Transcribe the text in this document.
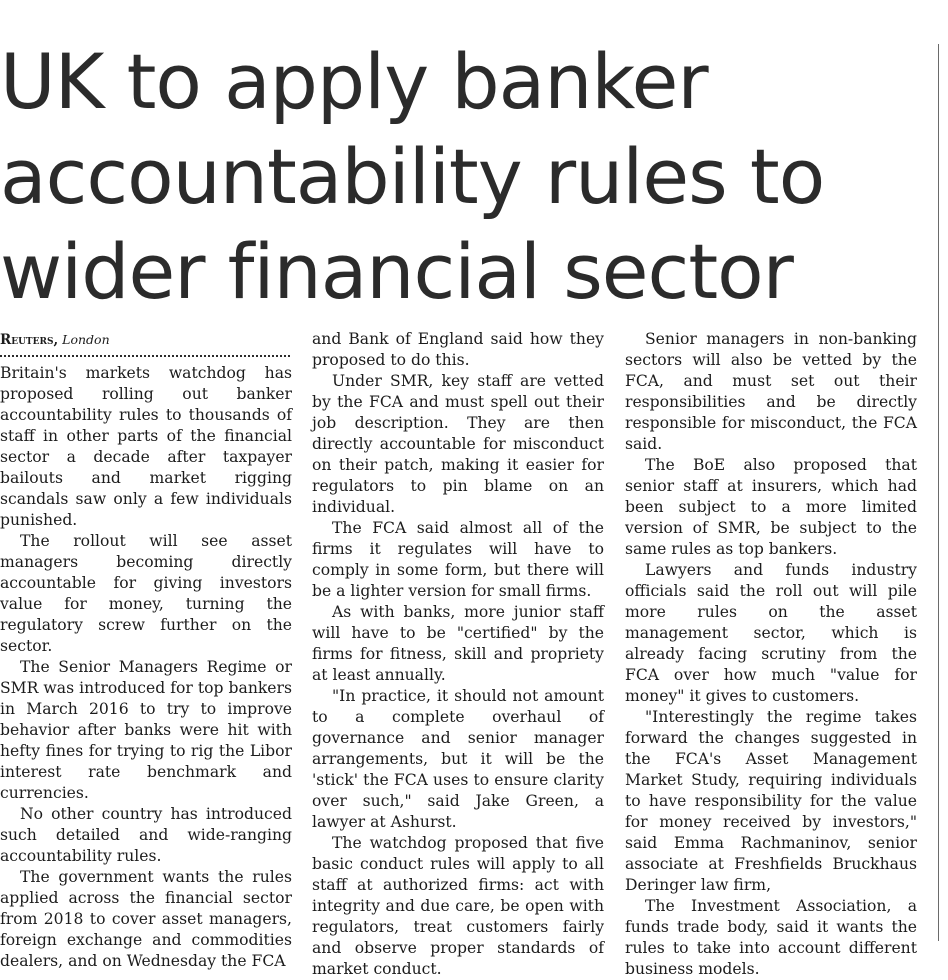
UK to apply banker
accountability rules to
wider financial sector
Reuters, London

Britain's markets watchdog has proposed rolling out banker accountability rules to thousands of staff in other parts of the financial sector a decade after taxpayer bailouts and market rigging scandals saw only a few individuals punished.

The rollout will see asset managers becoming directly accountable for giving investors value for money, turning the regulatory screw further on the sector.

The Senior Managers Regime or SMR was introduced for top bankers in March 2016 to try to improve behavior after banks were hit with hefty fines for trying to rig the Libor interest rate benchmark and currencies.

No other country has introduced such detailed and wide-ranging accountability rules.

The government wants the rules applied across the financial sector from 2018 to cover asset managers, foreign exchange and commodities dealers, and on Wednesday the FCA

and Bank of England said how they proposed to do this.

Under SMR, key staff are vetted by the FCA and must spell out their job description. They are then directly accountable for misconduct on their patch, making it easier for regulators to pin blame on an individual.

The FCA said almost all of the firms it regulates will have to comply in some form, but there will be a lighter version for small firms.

As with banks, more junior staff will have to be "certified" by the firms for fitness, skill and propriety at least annually.

"In practice, it should not amount to a complete overhaul of governance and senior manager arrangements, but it will be the 'stick' the FCA uses to ensure clarity over such," said Jake Green, a lawyer at Ashurst.

The watchdog proposed that five basic conduct rules will apply to all staff at authorized firms: act with integrity and due care, be open with regulators, treat customers fairly and observe proper standards of market conduct.

Senior managers in non-banking sectors will also be vetted by the FCA, and must set out their responsibilities and be directly responsible for misconduct, the FCA said.

The BoE also proposed that senior staff at insurers, which had been subject to a more limited version of SMR, be subject to the same rules as top bankers.

Lawyers and funds industry officials said the roll out will pile more rules on the asset management sector, which is already facing scrutiny from the FCA over how much "value for money" it gives to customers.

"Interestingly the regime takes forward the changes suggested in the FCA's Asset Management Market Study, requiring individuals to have responsibility for the value for money received by investors," said Emma Rachmaninov, senior associate at Freshfields Bruckhaus Deringer law firm,

The Investment Association, a funds trade body, said it wants the rules to take into account different business models.
